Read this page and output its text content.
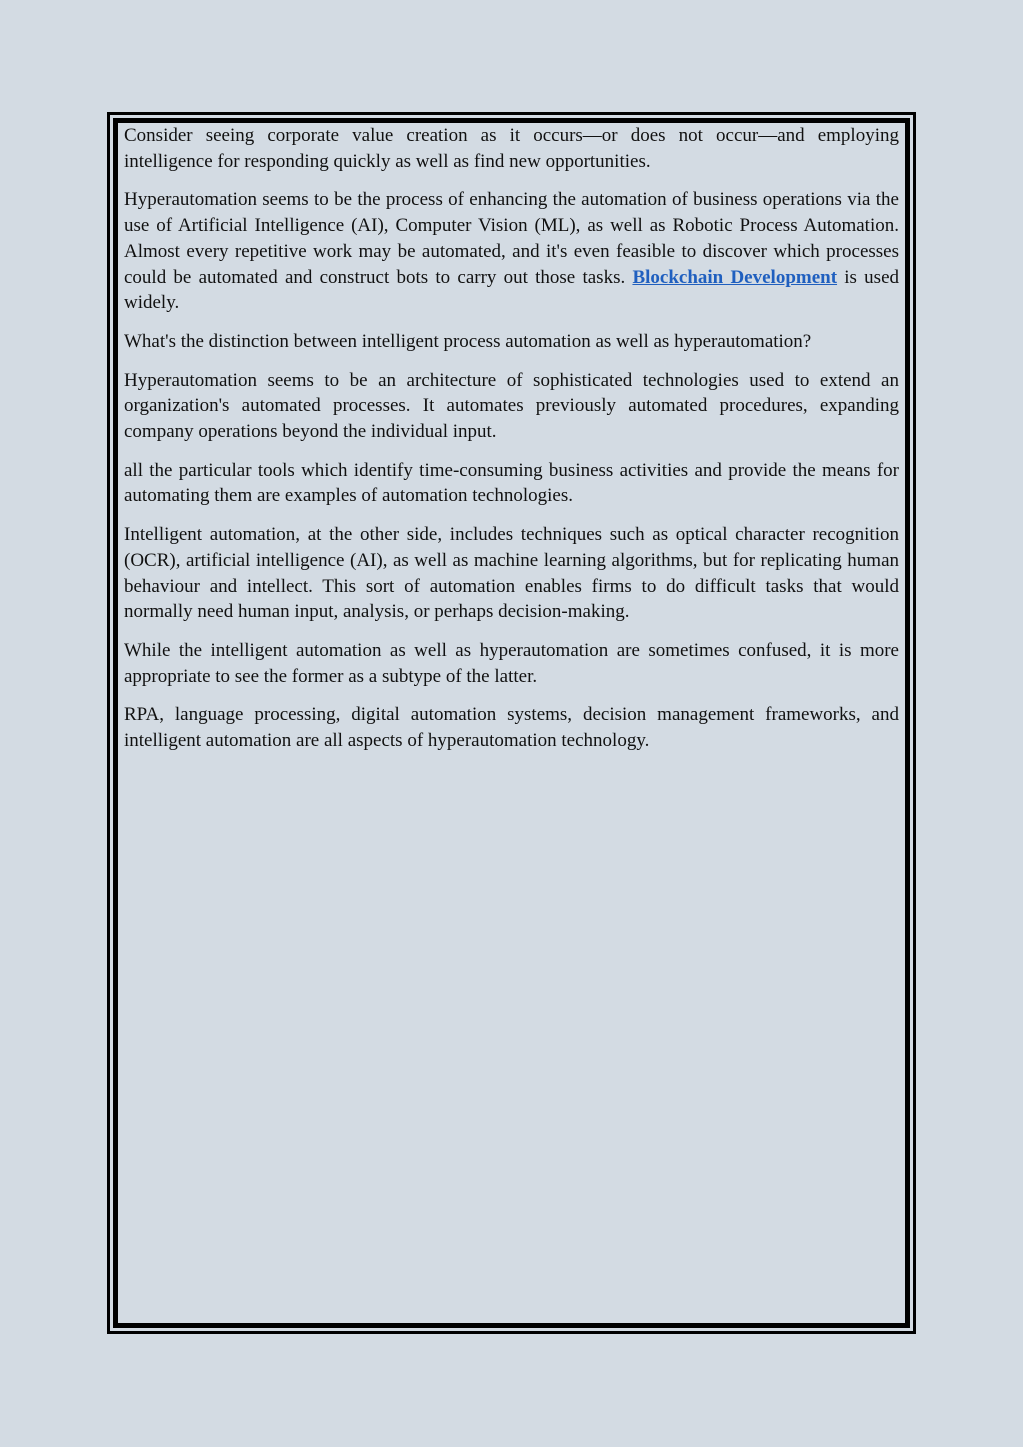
Consider seeing corporate value creation as it occurs—or does not occur—and employing intelligence for responding quickly as well as find new opportunities.

Hyperautomation seems to be the process of enhancing the automation of business operations via the use of Artificial Intelligence (AI), Computer Vision (ML), as well as Robotic Process Automation. Almost every repetitive work may be automated, and it's even feasible to discover which processes could be automated and construct bots to carry out those tasks. Blockchain Development is used widely.

What's the distinction between intelligent process automation as well as hyperautomation?

Hyperautomation seems to be an architecture of sophisticated technologies used to extend an organization's automated processes. It automates previously automated procedures, expanding company operations beyond the individual input.

all the particular tools which identify time-consuming business activities and provide the means for automating them are examples of automation technologies.

Intelligent automation, at the other side, includes techniques such as optical character recognition (OCR), artificial intelligence (AI), as well as machine learning algorithms, but for replicating human behaviour and intellect. This sort of automation enables firms to do difficult tasks that would normally need human input, analysis, or perhaps decision-making.

While the intelligent automation as well as hyperautomation are sometimes confused, it is more appropriate to see the former as a subtype of the latter.

RPA, language processing, digital automation systems, decision management frameworks, and intelligent automation are all aspects of hyperautomation technology.
